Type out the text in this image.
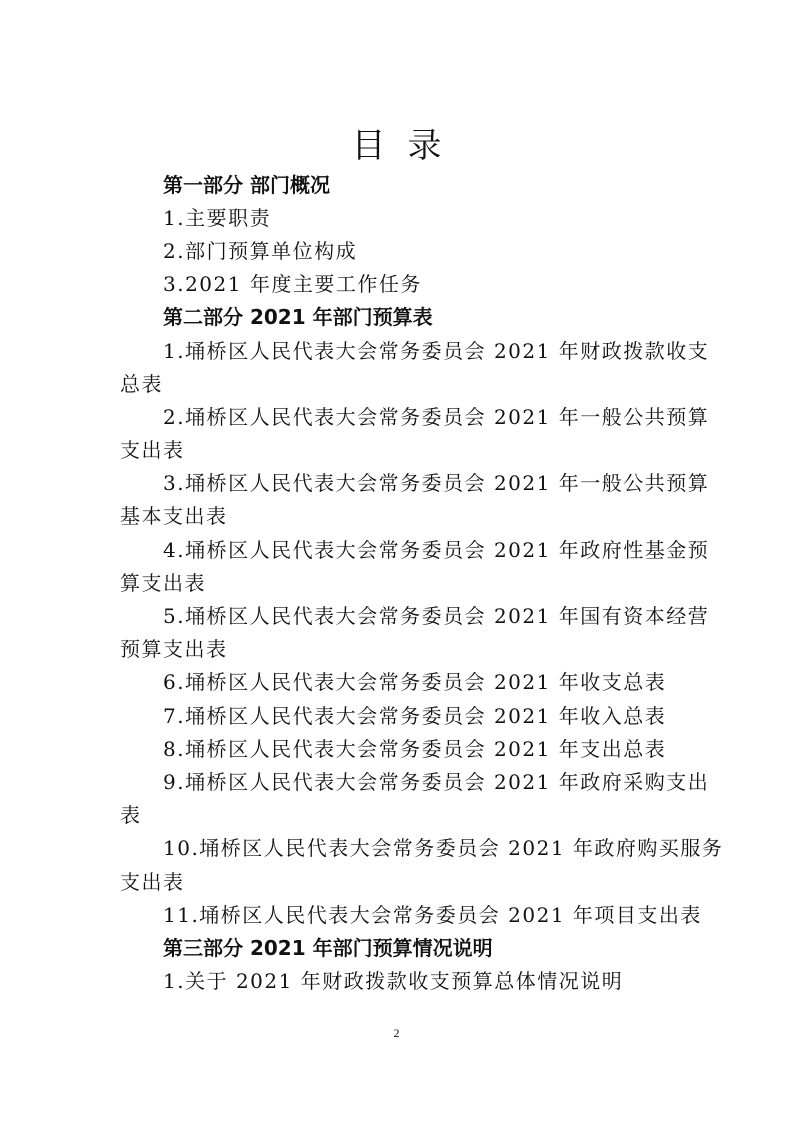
目录
第一部分 部门概况
1.主要职责
2.部门预算单位构成
3.2021 年度主要工作任务
第二部分 2021 年部门预算表
1.埇桥区人民代表大会常务委员会 2021 年财政拨款收支
总表
2.埇桥区人民代表大会常务委员会 2021 年一般公共预算
支出表
3.埇桥区人民代表大会常务委员会 2021 年一般公共预算
基本支出表
4.埇桥区人民代表大会常务委员会 2021 年政府性基金预
算支出表
5.埇桥区人民代表大会常务委员会 2021 年国有资本经营
预算支出表
6.埇桥区人民代表大会常务委员会 2021 年收支总表
7.埇桥区人民代表大会常务委员会 2021 年收入总表
8.埇桥区人民代表大会常务委员会 2021 年支出总表
9.埇桥区人民代表大会常务委员会 2021 年政府采购支出
表
10.埇桥区人民代表大会常务委员会 2021 年政府购买服务
支出表
11.埇桥区人民代表大会常务委员会 2021 年项目支出表
第三部分 2021 年部门预算情况说明
1.关于 2021 年财政拨款收支预算总体情况说明
2
